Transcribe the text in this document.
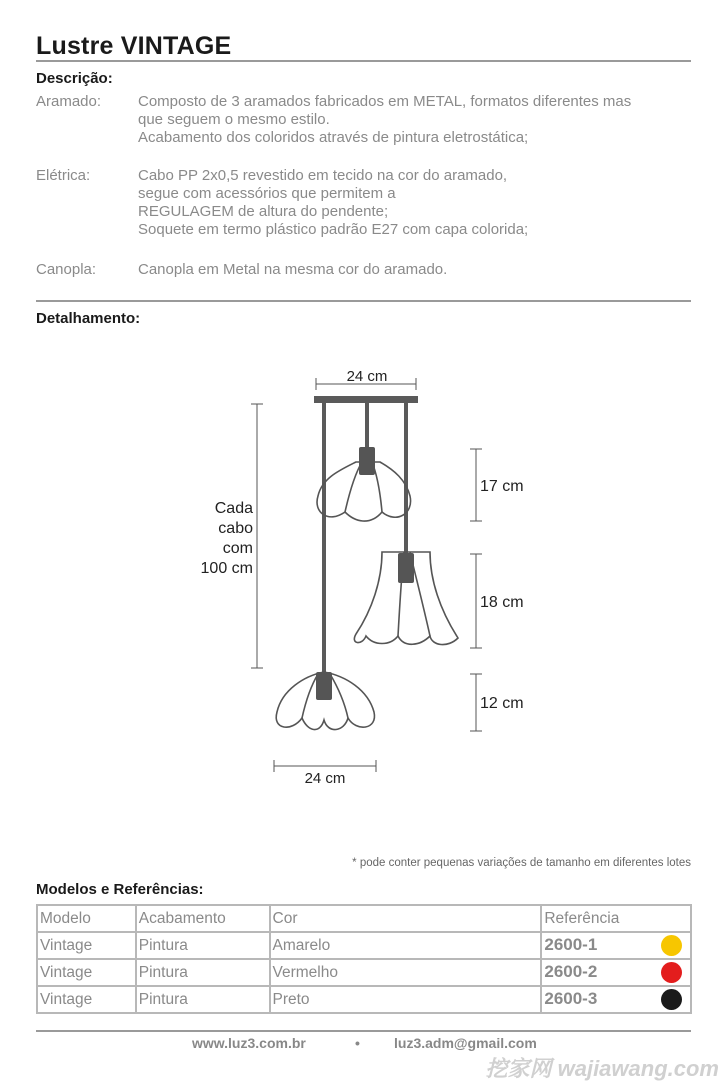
Lustre VINTAGE
Descrição:
Aramado: Composto de 3 aramados fabricados em METAL, formatos diferentes mas
que seguem o mesmo estilo.
Acabamento dos coloridos através de pintura eletrostática;
Elétrica:	Cabo PP 2x0,5 revestido em tecido na cor do aramado,
segue com acessórios que permitem a
REGULAGEM de altura do pendente;
Soquete em termo plástico padrão E27 com capa colorida;
Canopla:	Canopla em Metal na mesma cor do aramado.
Detalhamento:
24 cm
Cada
cabo
com
100 cm
17 cm
18 cm
12 cm
24 cm
* pode conter pequenas variações de tamanho em diferentes lotes
Modelos e Referências:
Modelo	Acabamento	Cor	Referência
Vintage	Pintura	Amarelo	2600-1

Vintage	Pintura	Vermelho	2600-2

Vintage	Pintura	Preto	2600-3
www.luz3.com.br	• luz3.adm@gmail.com
挖家网 wajiawang.com
